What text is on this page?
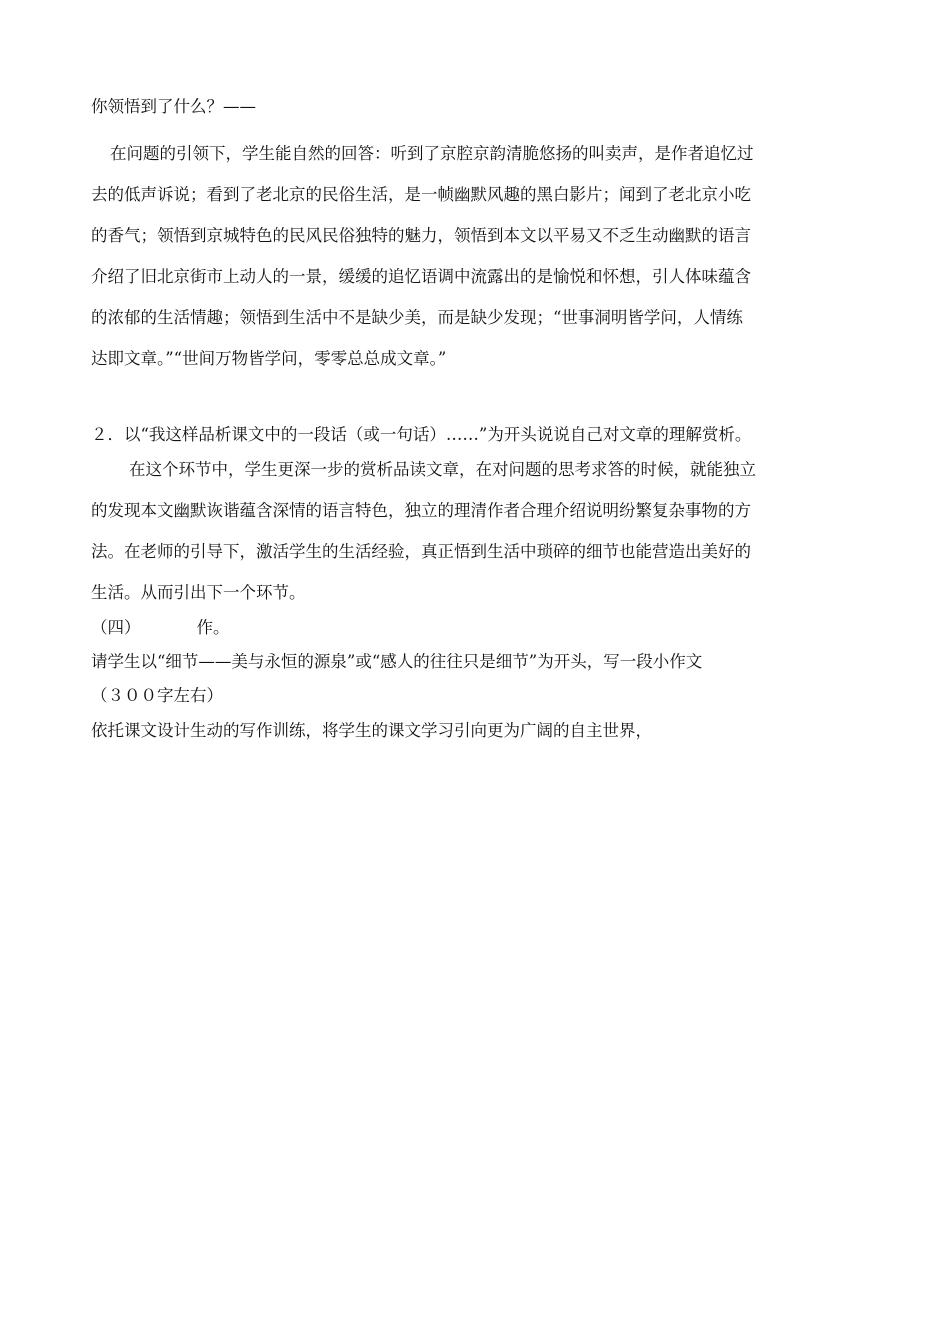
你领悟到了什么？——

在问题的引领下，学生能自然的回答：听到了京腔京韵清脆悠扬的叫卖声，是作者追忆过

去的低声诉说；看到了老北京的民俗生活，是一帧幽默风趣的黑白影片；闻到了老北京小吃

的香气；领悟到京城特色的民风民俗独特的魅力，领悟到本文以平易又不乏生动幽默的语言

介绍了旧北京街市上动人的一景，缓缓的追忆语调中流露出的是愉悦和怀想，引人体味蕴含

的浓郁的生活情趣；领悟到生活中不是缺少美，而是缺少发现；“世事洞明皆学问，人情练

达即文章。”“世间万物皆学问，零零总总成文章。”

２．以“我这样品析课文中的一段话（或一句话）……”为开头说说自己对文章的理解赏析。

在这个环节中，学生更深一步的赏析品读文章，在对问题的思考求答的时候，就能独立

的发现本文幽默诙谐蕴含深情的语言特色，独立的理清作者合理介绍说明纷繁复杂事物的方

法。在老师的引导下，激活学生的生活经验，真正悟到生活中琐碎的细节也能营造出美好的

生活。从而引出下一个环节。

（四）	作。

请学生以“细节——美与永恒的源泉”或“感人的往往只是细节”为开头，写一段小作文

（３００字左右）

依托课文设计生动的写作训练，将学生的课文学习引向更为广阔的自主世界，
